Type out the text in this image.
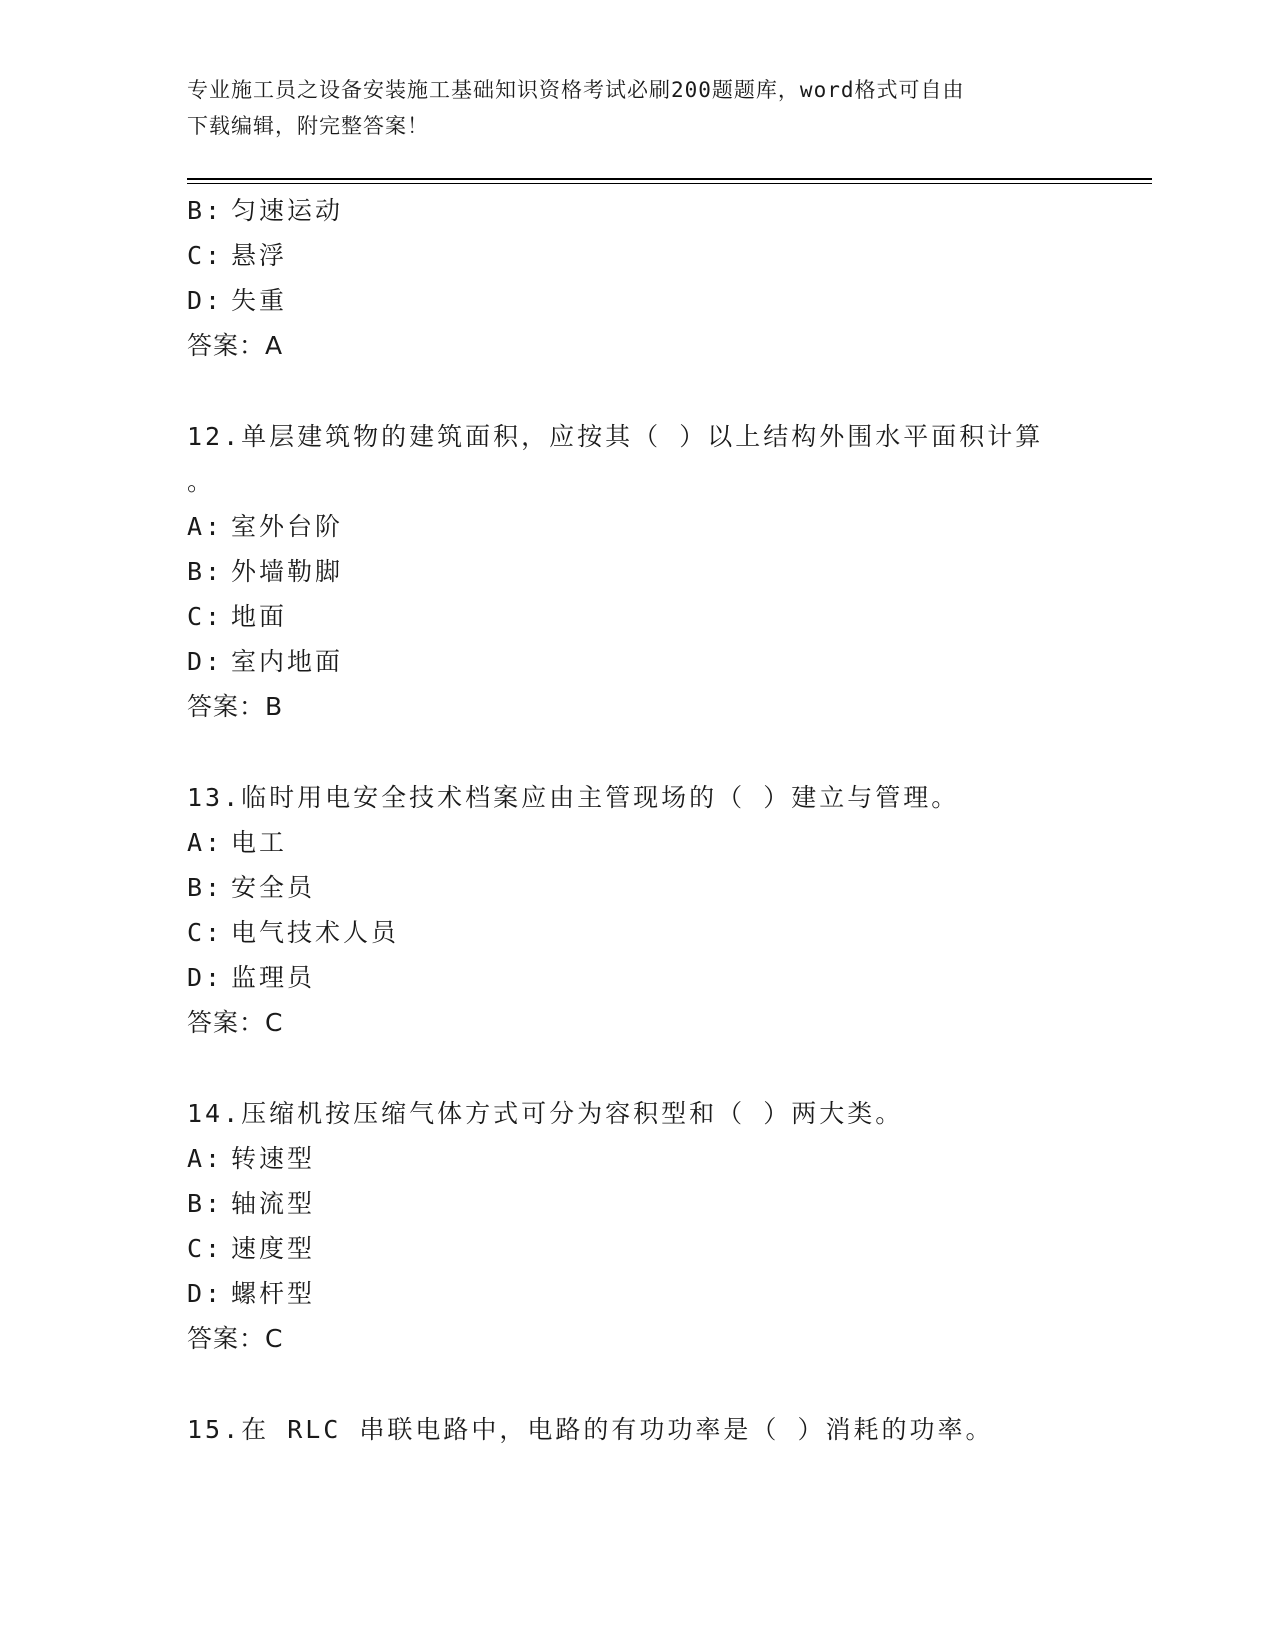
专业施工员之设备安装施工基础知识资格考试必刷200题题库，word格式可自由
下载编辑，附完整答案！
B: 匀速运动
C: 悬浮
D: 失重
答案：A
12.单层建筑物的建筑面积，应按其（ ）以上结构外围水平面积计算
。
A: 室外台阶
B: 外墙勒脚
C: 地面
D: 室内地面
答案：B
13.临时用电安全技术档案应由主管现场的（ ）建立与管理。
A: 电工
B: 安全员
C: 电气技术人员
D: 监理员
答案：C
14.压缩机按压缩气体方式可分为容积型和（ ）两大类。
A: 转速型
B: 轴流型
C: 速度型
D: 螺杆型
答案：C
15.在 RLC 串联电路中，电路的有功功率是（ ）消耗的功率。
